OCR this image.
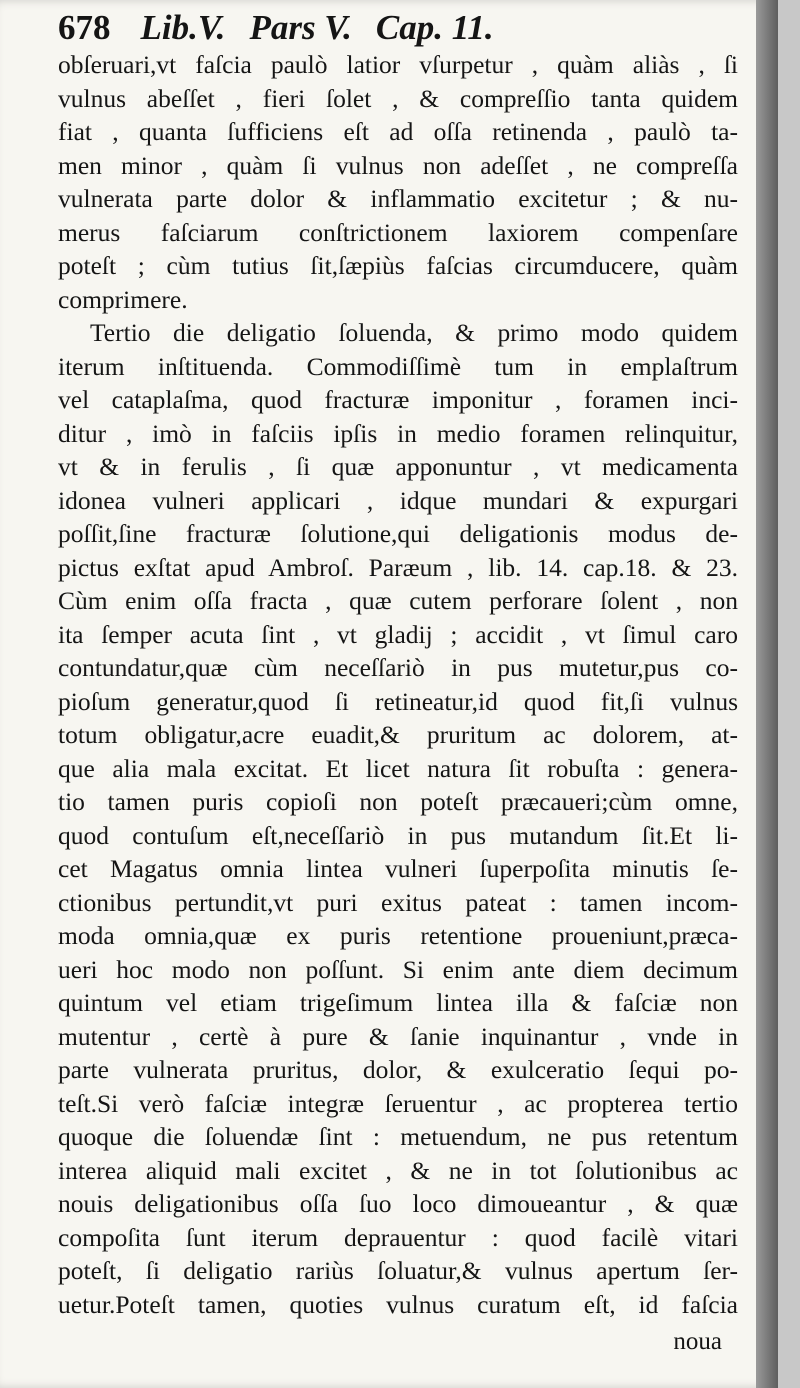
678 Lib.V. Pars V. Cap. 11.
obſeruari,vt faſcia paulò latior vſurpetur , quàm aliàs , ſi
vulnus abeſſet , fieri ſolet , & compreſſio tanta quidem
fiat , quanta ſufficiens eſt ad oſſa retinenda , paulò ta-
men minor , quàm ſi vulnus non adeſſet , ne compreſſa
vulnerata parte dolor & inflammatio excitetur ; & nu-
merus faſciarum conſtrictionem laxiorem compenſare
poteſt ; cùm tutius ſit,ſæpiùs faſcias circumducere, quàm
comprimere.
Tertio die deligatio ſoluenda, & primo modo quidem
iterum inſtituenda. Commodiſſimè tum in emplaſtrum
vel cataplaſma, quod fracturæ imponitur , foramen inci-
ditur , imò in faſciis ipſis in medio foramen relinquitur,
vt & in ferulis , ſi quæ apponuntur , vt medicamenta
idonea vulneri applicari , idque mundari & expurgari
poſſit,ſine fracturæ ſolutione,qui deligationis modus de-
pictus exſtat apud Ambroſ. Paræum , lib. 14. cap.18. & 23.
Cùm enim oſſa fracta , quæ cutem perforare ſolent , non
ita ſemper acuta ſint , vt gladij ; accidit , vt ſimul caro
contundatur,quæ cùm neceſſariò in pus mutetur,pus co-
pioſum generatur,quod ſi retineatur,id quod fit,ſi vulnus
totum obligatur,acre euadit,& pruritum ac dolorem, at-
que alia mala excitat. Et licet natura ſit robuſta : genera-
tio tamen puris copioſi non poteſt præcaueri;cùm omne,
quod contuſum eſt,neceſſariò in pus mutandum ſit.Et li-
cet Magatus omnia lintea vulneri ſuperpoſita minutis ſe-
ctionibus pertundit,vt puri exitus pateat : tamen incom-
moda omnia,quæ ex puris retentione proueniunt,præca-
ueri hoc modo non poſſunt. Si enim ante diem decimum
quintum vel etiam trigeſimum lintea illa & faſciæ non
mutentur , certè à pure & ſanie inquinantur , vnde in
parte vulnerata pruritus, dolor, & exulceratio ſequi po-
teſt.Si verò faſciæ integræ ſeruentur , ac propterea tertio
quoque die ſoluendæ ſint : metuendum, ne pus retentum
interea aliquid mali excitet , & ne in tot ſolutionibus ac
nouis deligationibus oſſa ſuo loco dimoueantur , & quæ
compoſita ſunt iterum deprauentur : quod facilè vitari
poteſt, ſi deligatio rariùs ſoluatur,& vulnus apertum ſer-
uetur.Poteſt tamen, quoties vulnus curatum eſt, id faſcia
noua
